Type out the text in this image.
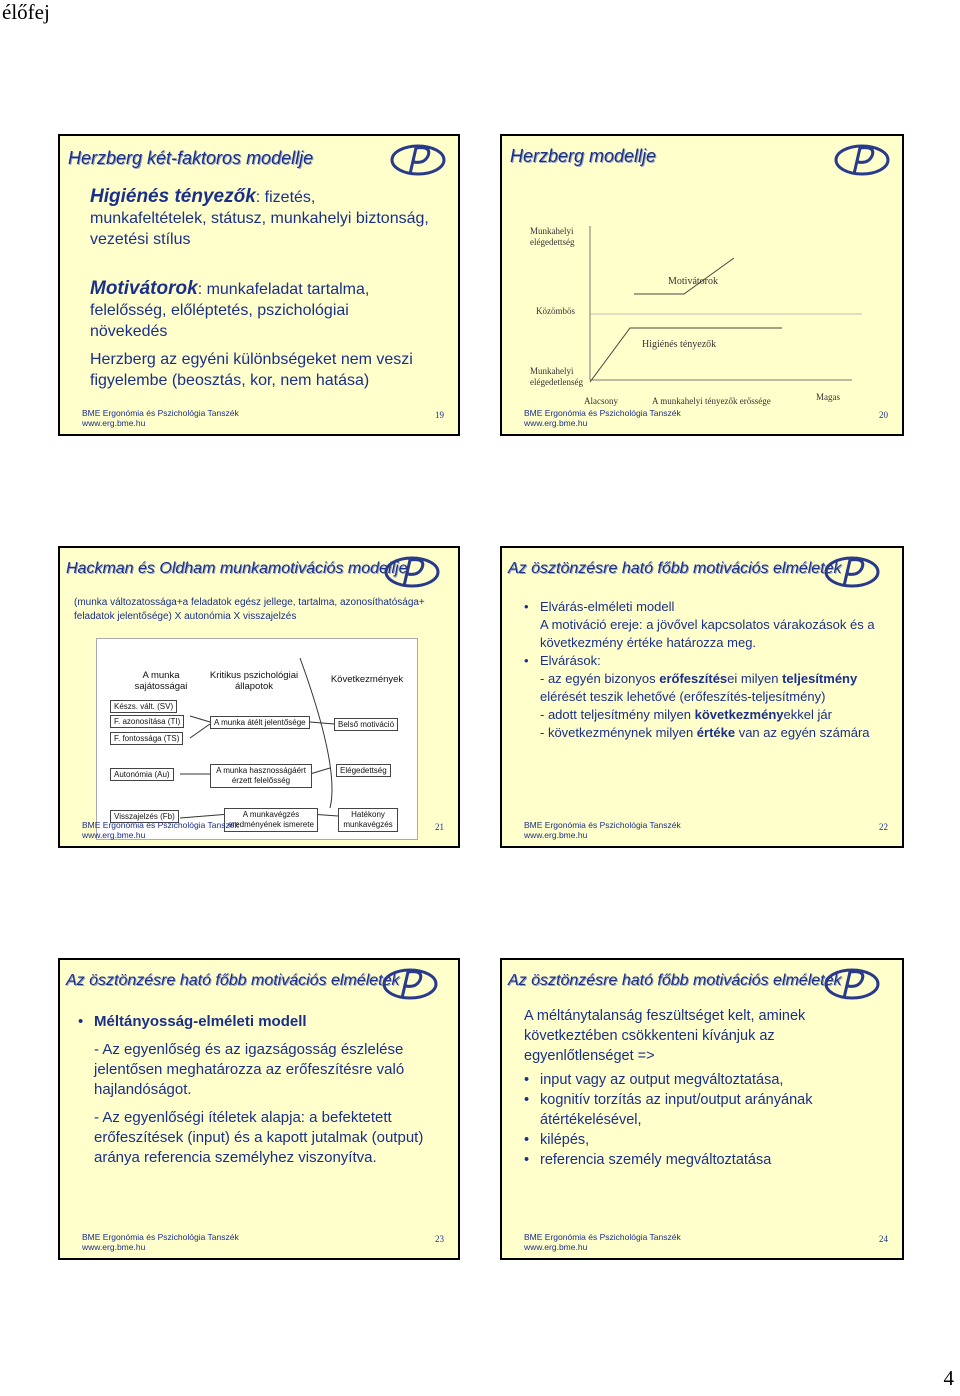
élőfej
Herzberg két-faktoros modellje
Higiénés tényezők: fizetés, munkafeltételek, státusz, munkahelyi biztonság, vezetési stílus
Motivátorok: munkafeladat tartalma, felelősség, előléptetés, pszichológiai növekedés
Herzberg az egyéni különbségeket nem veszi figyelembe (beosztás, kor, nem hatása)
BME Ergonómia és Pszichológia Tanszék
www.erg.bme.hu
19
Herzberg modellje
Munkahelyi
elégedettség
Közömbös
Munkahelyi
elégedetlenség
Motivátorok
Higiénés tényezők
Alacsony	A munkahelyi tényezők erőssége	Magas
BME Ergonómia és Pszichológia Tanszék
www.erg.bme.hu
20
Hackman és Oldham munkamotivációs modellje
(munka változatossága+a feladatok egész jellege, tartalma, azonosíthatósága+ feladatok jelentősége) X autonómia X visszajelzés
A munka sajátosságai
Kritikus pszichológiai állapotok
Következmények
Készs. vált. (SV)
F. azonosítása (TI)
F. fontossága (TS)
Autonómia (Au)
Visszajelzés (Fb)
A munka átélt jelentősége
A munka hasznosságáért érzett felelősség
A munkavégzés eredményének ismerete
Belső motiváció
Elégedettség
Hatékony munkavégzés
BME Ergonómia és Pszichológia Tanszék
www.erg.bme.hu
21
Az ösztönzésre ható főbb motivációs elméletek
• Elvárás-elméleti modell
A motiváció ereje: a jövővel kapcsolatos várakozások és a következmény értéke határozza meg.
• Elvárások:
- az egyén bizonyos erőfeszítései milyen teljesítmény elérését teszik lehetővé (erőfeszítés-teljesítmény)
- adott teljesítmény milyen következményekkel jár
- következménynek milyen értéke van az egyén számára
BME Ergonómia és Pszichológia Tanszék
www.erg.bme.hu
22
Az ösztönzésre ható főbb motivációs elméletek
• Méltányosság-elméleti modell
- Az egyenlőség és az igazságosság észlelése jelentősen meghatározza az erőfeszítésre való hajlandóságot.
- Az egyenlőségi ítéletek alapja: a befektetett erőfeszítések (input) és a kapott jutalmak (output) aránya referencia személyhez viszonyítva.
BME Ergonómia és Pszichológia Tanszék
www.erg.bme.hu
23
Az ösztönzésre ható főbb motivációs elméletek
A méltánytalanság feszültséget kelt, aminek következtében csökkenteni kívánjuk az egyenlőtlenséget =>
• input vagy az output megváltoztatása,
• kognitív torzítás az input/output arányának átértékelésével,
• kilépés,
• referencia személy megváltoztatása
BME Ergonómia és Pszichológia Tanszék
www.erg.bme.hu
24
4
